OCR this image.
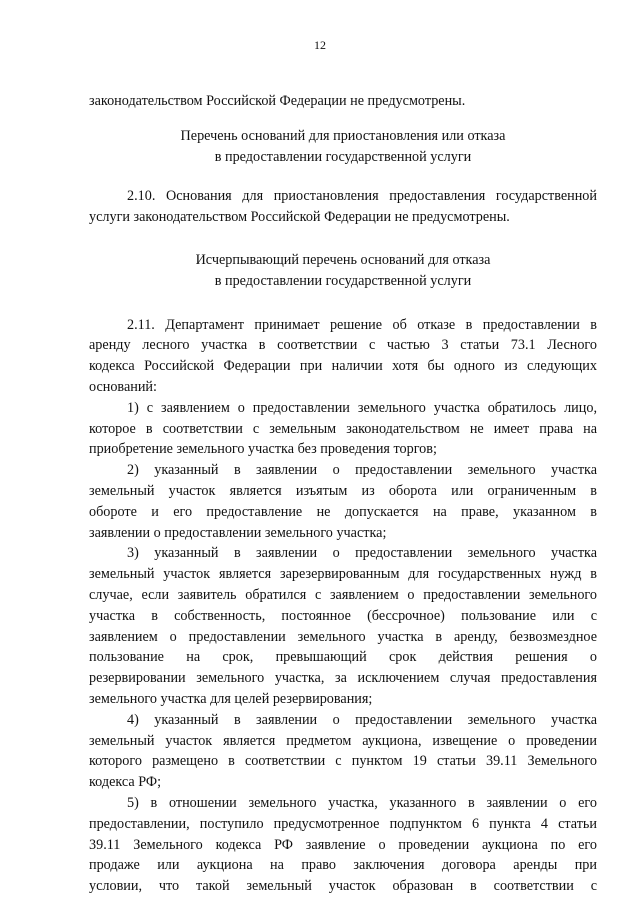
12

законодательством Российской Федерации не предусмотрены.

Перечень оснований для приостановления или отказа
в предоставлении государственной услуги

2.10. Основания для приостановления предоставления государственной
услуги законодательством Российской Федерации не предусмотрены.

Исчерпывающий перечень оснований для отказа
в предоставлении государственной услуги

2.11. Департамент принимает решение об отказе в предоставлении в
аренду лесного участка в соответствии с частью 3 статьи 73.1 Лесного
кодекса Российской Федерации при наличии хотя бы одного из следующих
оснований:

1) с заявлением о предоставлении земельного участка обратилось лицо,
которое в соответствии с земельным законодательством не имеет права на
приобретение земельного участка без проведения торгов;

2) указанный в заявлении о предоставлении земельного участка
земельный участок является изъятым из оборота или ограниченным в
обороте и его предоставление не допускается на праве, указанном в
заявлении о предоставлении земельного участка;

3) указанный в заявлении о предоставлении земельного участка
земельный участок является зарезервированным для государственных нужд в
случае, если заявитель обратился с заявлением о предоставлении земельного
участка в собственность, постоянное (бессрочное) пользование или с
заявлением о предоставлении земельного участка в аренду, безвозмездное
пользование на срок, превышающий срок действия решения о
резервировании земельного участка, за исключением случая предоставления
земельного участка для целей резервирования;

4) указанный в заявлении о предоставлении земельного участка
земельный участок является предметом аукциона, извещение о проведении
которого размещено в соответствии с пунктом 19 статьи 39.11 Земельного
кодекса РФ;

5) в отношении земельного участка, указанного в заявлении о его
предоставлении, поступило предусмотренное подпунктом 6 пункта 4 статьи
39.11 Земельного кодекса РФ заявление о проведении аукциона по его
продаже или аукциона на право заключения договора аренды при
условии, что такой земельный участок образован в соответствии с
